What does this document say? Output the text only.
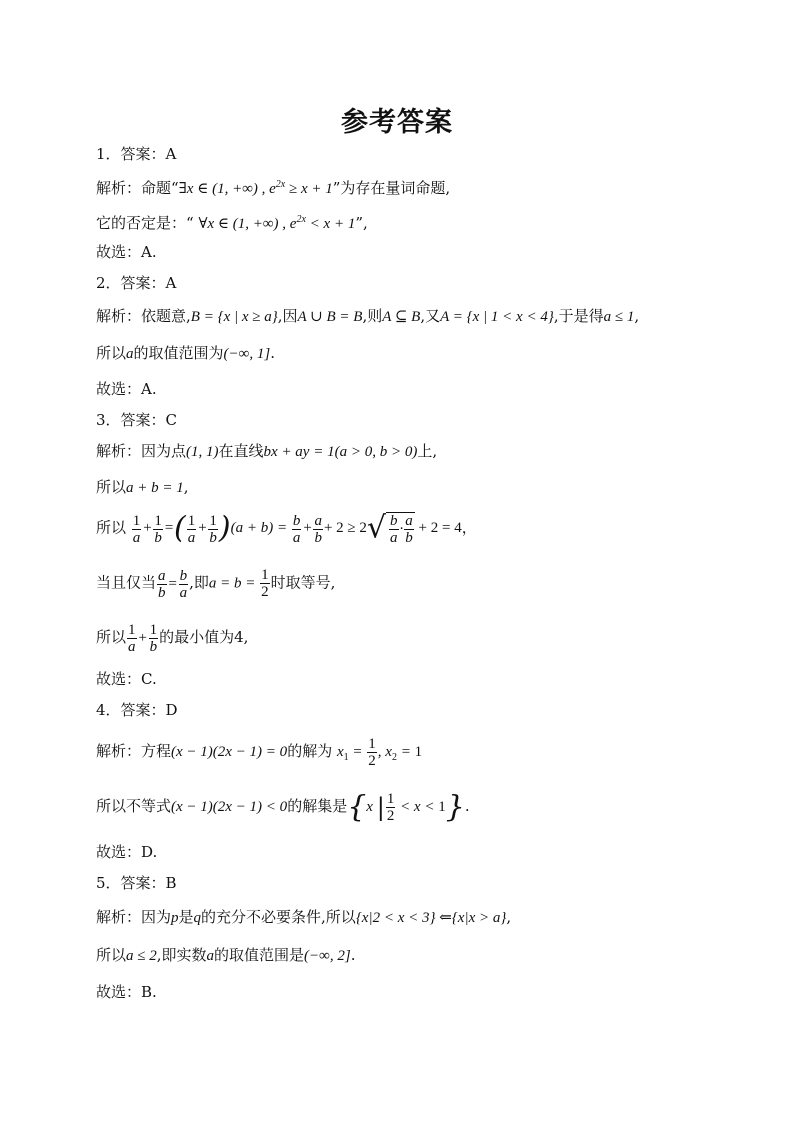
参考答案
1．答案：A
解析：命题“∃x ∈ (1, +∞) , $e^{2x} \ge x + 1$”为存在量词命题,
它的否定是：“ ∀x ∈ (1, +∞) , $e^{2x} < x + 1$”,
故选：A.
2．答案：A
解析：依题意,B = {x | x ≥ a},因A ∪ B = B,则A ⊆ B,又A = {x | 1 < x < 4},于是得a ≤ 1,
所以a的取值范围为(−∞, 1].
故选：A.
3．答案：C
解析：因为点(1, 1)在直线bx + ay = 1(a > 0, b > 0)上,
所以a + b = 1,
所以 $\frac{1}{a} + \frac{1}{b}$ =( $\frac{1}{a} + \frac{1}{b} )(a + b) = \frac{b}{a} + \frac{a}{b} + 2 \ge 2√ \frac{b}{a} \cdot \frac{a}{b} + 2 = 4$，
当且仅当 $\frac{a}{b} = \frac{b}{a}$ ,即$a = b = \frac{1}{2}$ 时取等号,
所以 $\frac{1}{a} + \frac{1}{b}$ 的最小值为4,
故选：C.
4．答案：D
解析：方程(x − 1)(2x − 1) = 0的解为 $x_1 = \frac{1}{2}$ , $x_2 = 1$
所以不等式(x − 1)(2x − 1) < 0的解集是{x | $\frac{1}{2} < x < 1$}.
故选：D.
5．答案：B
解析：因为p是q的充分不必要条件,所以{x|2 < x < 3} ⇐{x|x > a},
所以a ≤ 2,即实数a的取值范围是(−∞, 2].
故选：B.
